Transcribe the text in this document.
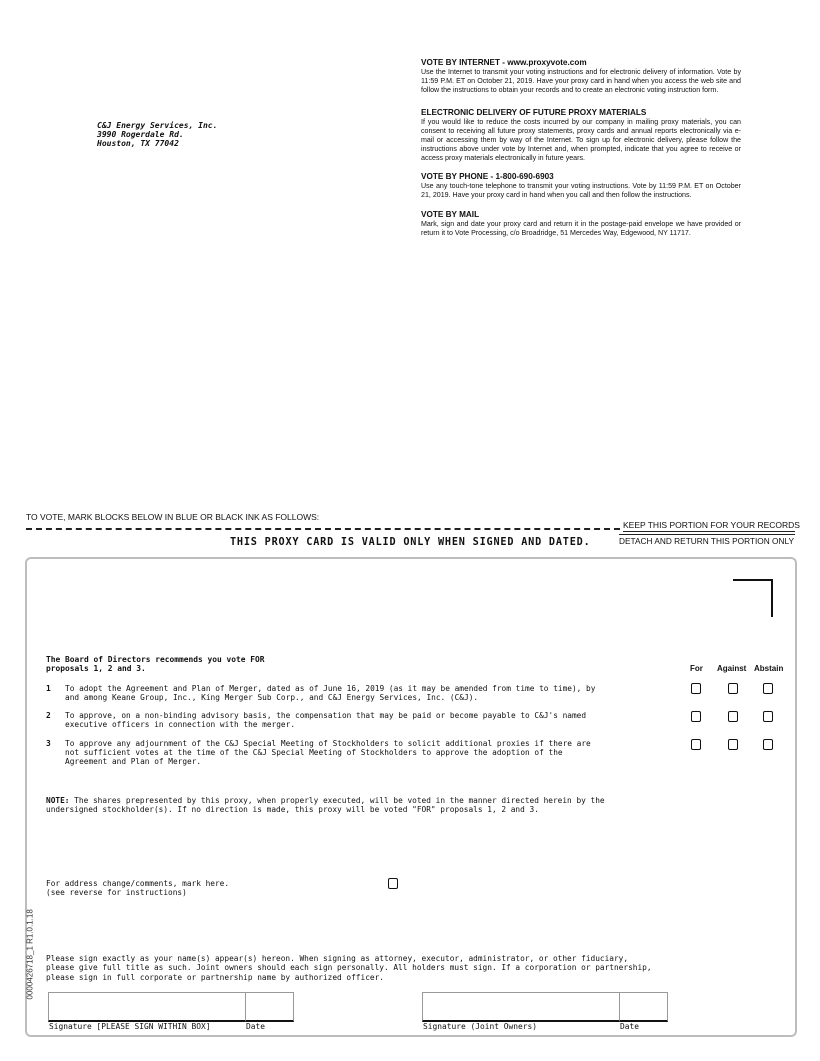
C&J Energy Services, Inc.
3990 Rogerdale Rd.
Houston, TX 77042
VOTE BY INTERNET - www.proxyvote.com

Use the Internet to transmit your voting instructions and for electronic delivery of information. Vote by 11:59 P.M. ET on October 21, 2019. Have your proxy card in hand when you access the web site and follow the instructions to obtain your records and to create an electronic voting instruction form.

ELECTRONIC DELIVERY OF FUTURE PROXY MATERIALS

If you would like to reduce the costs incurred by our company in mailing proxy materials, you can consent to receiving all future proxy statements, proxy cards and annual reports electronically via e-mail or accessing them by way of the Internet. To sign up for electronic delivery, please follow the instructions above under vote by Internet and, when prompted, indicate that you agree to receive or access proxy materials electronically in future years.

VOTE BY PHONE - 1-800-690-6903

Use any touch-tone telephone to transmit your voting instructions. Vote by 11:59 P.M. ET on October 21, 2019. Have your proxy card in hand when you call and then follow the instructions.

VOTE BY MAIL

Mark, sign and date your proxy card and return it in the postage-paid envelope we have provided or return it to Vote Processing, c/o Broadridge, 51 Mercedes Way, Edgewood, NY 11717.

TO VOTE, MARK BLOCKS BELOW IN BLUE OR BLACK INK AS FOLLOWS:
KEEP THIS PORTION FOR YOUR RECORDS
DETACH AND RETURN THIS PORTION ONLY
THIS PROXY CARD IS VALID ONLY WHEN SIGNED AND DATED.
The Board of Directors recommends you vote FOR
proposals 1, 2 and 3.	For Against Abstain
1 To adopt the Agreement and Plan of Merger, dated as of June 16, 2019 (as it may be amended from time to time), by and among Keane Group, Inc., King Merger Sub Corp., and C&J Energy Services, Inc. (C&J).
2 To approve, on a non-binding advisory basis, the compensation that may be paid or become payable to C&J's named executive officers in connection with the merger.
3 To approve any adjournment of the C&J Special Meeting of Stockholders to solicit additional proxies if there are not sufficient votes at the time of the C&J Special Meeting of Stockholders to approve the adoption of the Agreement and Plan of Merger.
NOTE: The shares prepresented by this proxy, when properly executed, will be voted in the manner directed herein by the undersigned stockholder(s). If no direction is made, this proxy will be voted "FOR" proposals 1, 2 and 3.
For address change/comments, mark here.
(see reverse for instructions)
Please sign exactly as your name(s) appear(s) hereon. When signing as attorney, executor, administrator, or other fiduciary, please give full title as such. Joint owners should each sign personally. All holders must sign. If a corporation or partnership, please sign in full corporate or partnership name by authorized officer.
Signature [PLEASE SIGN WITHIN BOX]	Date	Signature (Joint Owners)	Date
0000426718_1 R1.0.1.18
